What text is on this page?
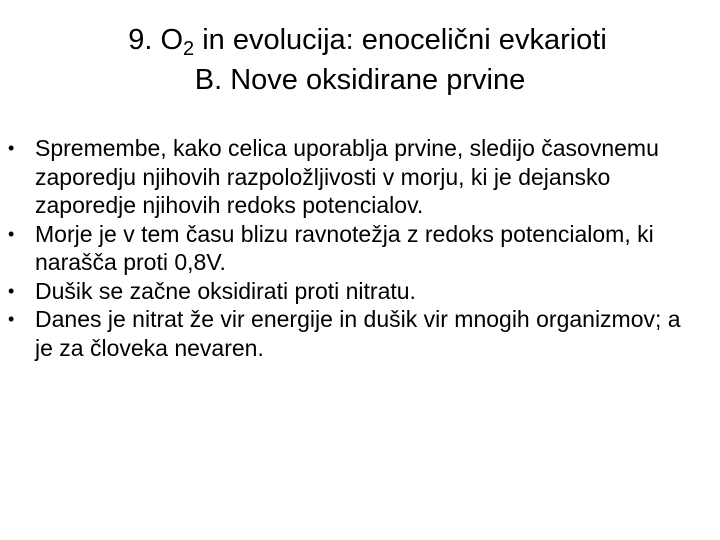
9. $O_2$ in evolucija: enocelični evkarioti
B. Nove oksidirane prvine
• Spremembe, kako celica uporablja prvine, sledijo časovnemu zaporedju njihovih razpoložljivosti v morju, ki je dejansko zaporedje njihovih redoks potencialov.
• Morje je v tem času blizu ravnotežja z redoks potencialom, ki narašča proti 0,8V.
• Dušik se začne oksidirati proti nitratu.
• Danes je nitrat že vir energije in dušik vir mnogih organizmov; a je za človeka nevaren.
